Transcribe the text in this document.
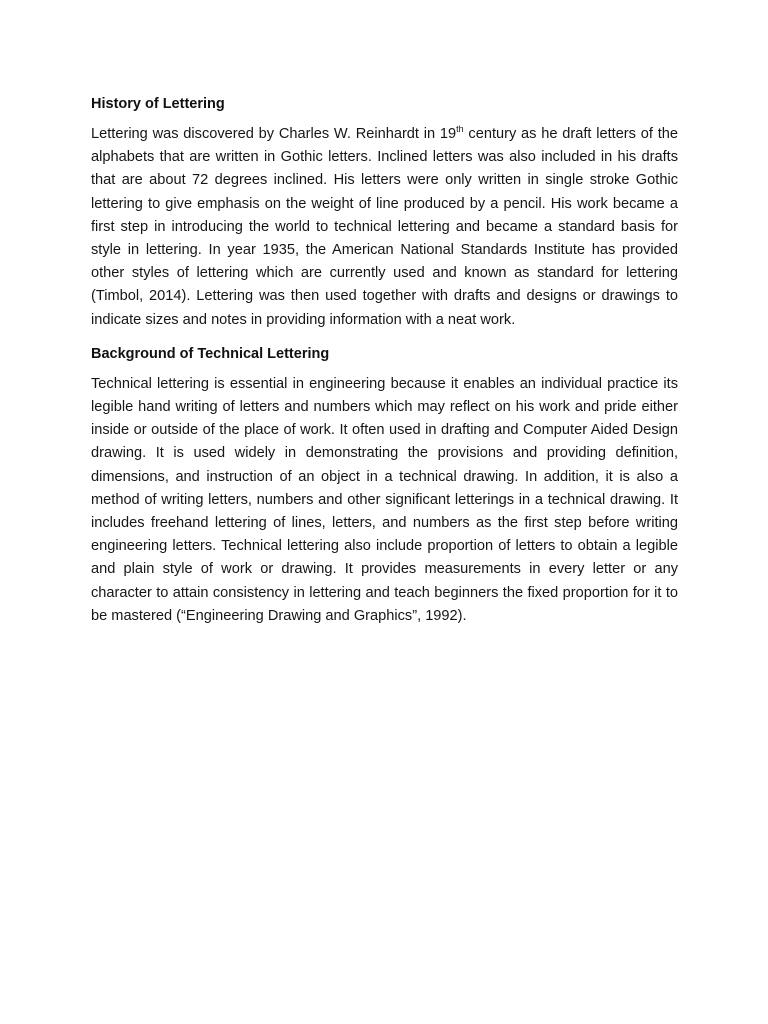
History of Lettering

Lettering was discovered by Charles W. Reinhardt in 19th century as he draft letters of the alphabets that are written in Gothic letters. Inclined letters was also included in his drafts that are about 72 degrees inclined. His letters were only written in single stroke Gothic lettering to give emphasis on the weight of line produced by a pencil. His work became a first step in introducing the world to technical lettering and became a standard basis for style in lettering. In year 1935, the American National Standards Institute has provided other styles of lettering which are currently used and known as standard for lettering (Timbol, 2014). Lettering was then used together with drafts and designs or drawings to indicate sizes and notes in providing information with a neat work.

Background of Technical Lettering

Technical lettering is essential in engineering because it enables an individual practice its legible hand writing of letters and numbers which may reflect on his work and pride either inside or outside of the place of work. It often used in drafting and Computer Aided Design drawing. It is used widely in demonstrating the provisions and providing definition, dimensions, and instruction of an object in a technical drawing. In addition, it is also a method of writing letters, numbers and other significant letterings in a technical drawing. It includes freehand lettering of lines, letters, and numbers as the first step before writing engineering letters. Technical lettering also include proportion of letters to obtain a legible and plain style of work or drawing. It provides measurements in every letter or any character to attain consistency in lettering and teach beginners the fixed proportion for it to be mastered (“Engineering Drawing and Graphics”, 1992).
